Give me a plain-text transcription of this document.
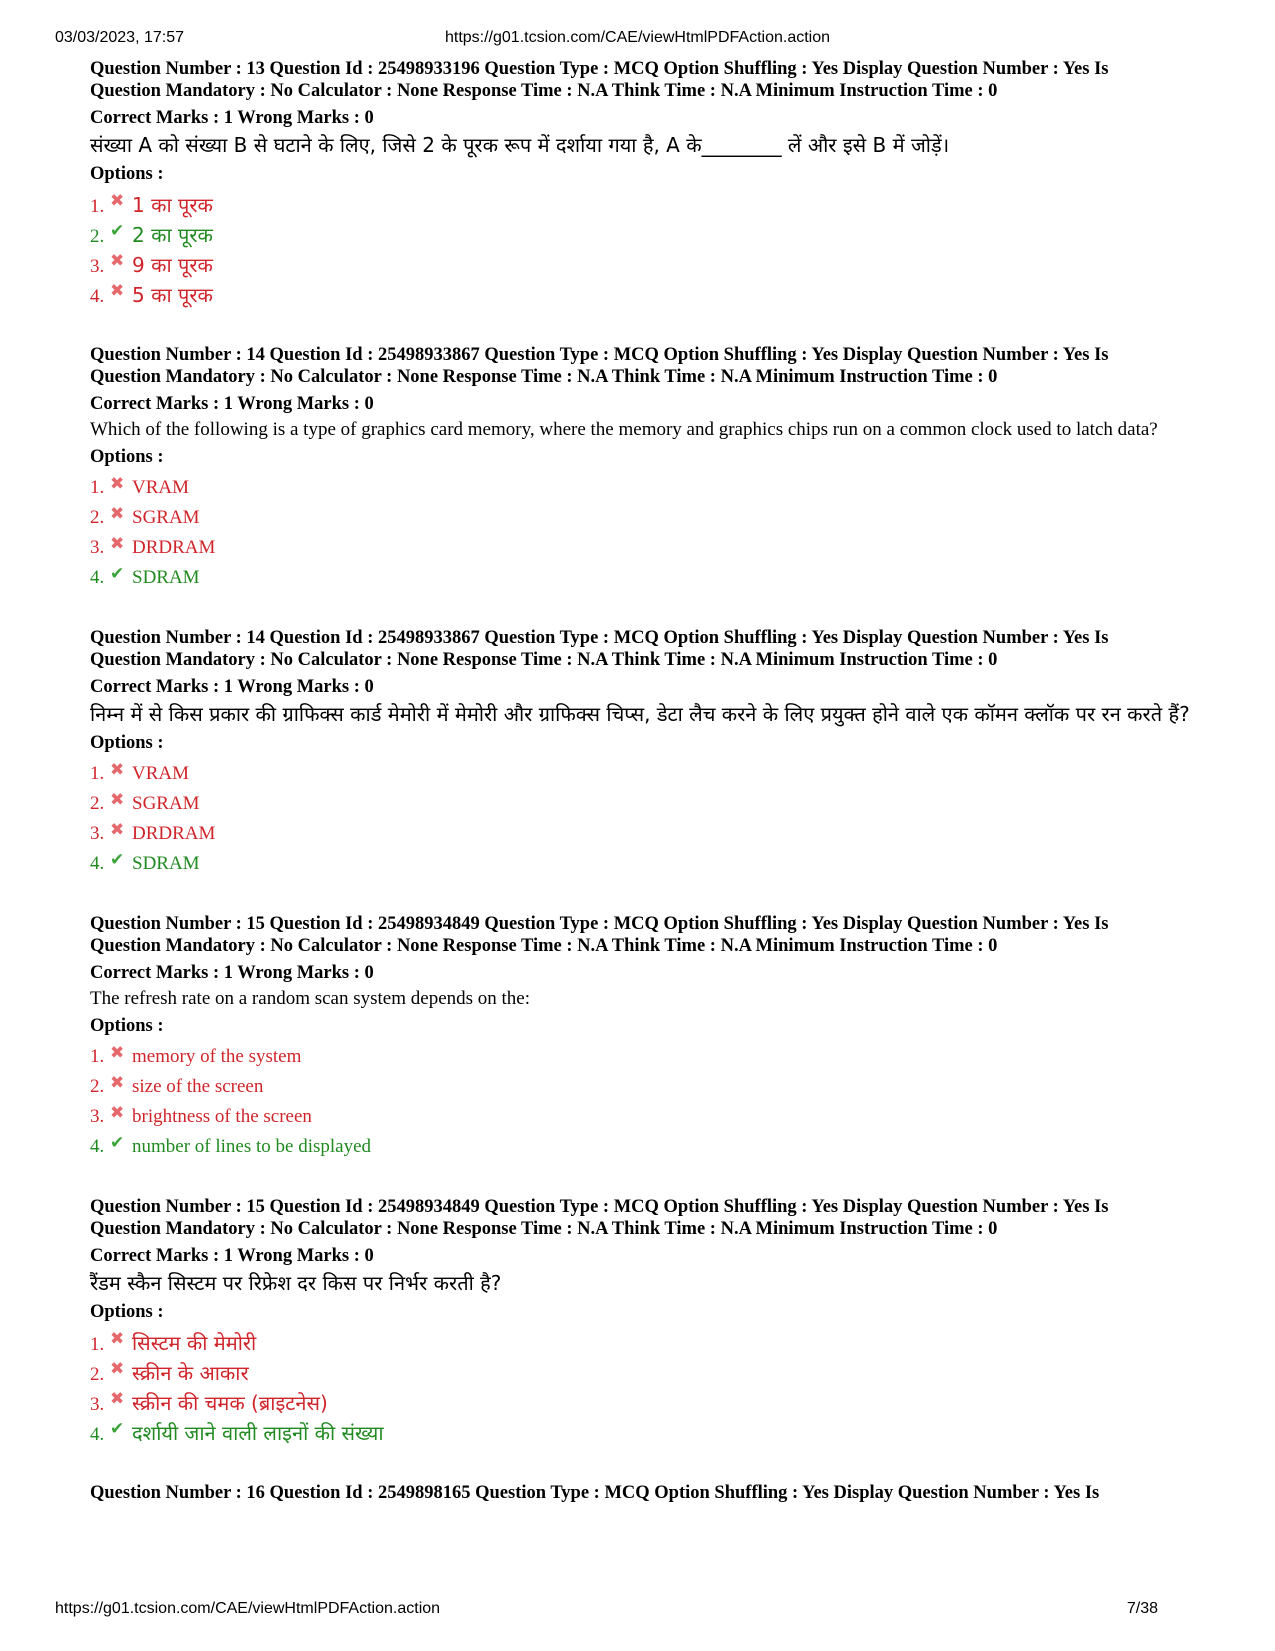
03/03/2023, 17:57	https://g01.tcsion.com/CAE/viewHtmlPDFAction.action

Question Number : 13 Question Id : 25498933196 Question Type : MCQ Option Shuffling : Yes Display Question Number : Yes Is

Question Mandatory : No Calculator : None Response Time : N.A Think Time : N.A Minimum Instruction Time : 0

Correct Marks : 1 Wrong Marks : 0

संख्या A को संख्या B से घटाने के लिए, जिसे 2 के पूरक रूप में दर्शाया गया है, A के________ लें और इसे B में जोड़ें।

Options :

1. ✖ 1 का पूरक
2. ✔ 2 का पूरक
3. ✖ 9 का पूरक
4. ✖ 5 का पूरक

Question Number : 14 Question Id : 25498933867 Question Type : MCQ Option Shuffling : Yes Display Question Number : Yes Is

Question Mandatory : No Calculator : None Response Time : N.A Think Time : N.A Minimum Instruction Time : 0

Correct Marks : 1 Wrong Marks : 0

Which of the following is a type of graphics card memory, where the memory and graphics chips run on a common clock used to latch data?

Options :

1. ✖ VRAM
2. ✖ SGRAM
3. ✖ DRDRAM
4. ✔ SDRAM

Question Number : 14 Question Id : 25498933867 Question Type : MCQ Option Shuffling : Yes Display Question Number : Yes Is

Question Mandatory : No Calculator : None Response Time : N.A Think Time : N.A Minimum Instruction Time : 0

Correct Marks : 1 Wrong Marks : 0

निम्न में से किस प्रकार की ग्राफिक्स कार्ड मेमोरी में मेमोरी और ग्राफिक्स चिप्स, डेटा लैच करने के लिए प्रयुक्त होने वाले एक कॉमन क्लॉक पर रन करते हैं?

Options :

1. ✖ VRAM
2. ✖ SGRAM
3. ✖ DRDRAM
4. ✔ SDRAM

Question Number : 15 Question Id : 25498934849 Question Type : MCQ Option Shuffling : Yes Display Question Number : Yes Is

Question Mandatory : No Calculator : None Response Time : N.A Think Time : N.A Minimum Instruction Time : 0

Correct Marks : 1 Wrong Marks : 0

The refresh rate on a random scan system depends on the:

Options :

1. ✖ memory of the system
2. ✖ size of the screen
3. ✖ brightness of the screen
4. ✔ number of lines to be displayed

Question Number : 15 Question Id : 25498934849 Question Type : MCQ Option Shuffling : Yes Display Question Number : Yes Is

Question Mandatory : No Calculator : None Response Time : N.A Think Time : N.A Minimum Instruction Time : 0

Correct Marks : 1 Wrong Marks : 0

रैंडम स्कैन सिस्टम पर रिफ्रेश दर किस पर निर्भर करती है?

Options :

1. ✖ सिस्टम की मेमोरी
2. ✖ स्क्रीन के आकार
3. ✖ स्क्रीन की चमक (ब्राइटनेस)
4. ✔ दर्शायी जाने वाली लाइनों की संख्या

Question Number : 16 Question Id : 2549898165 Question Type : MCQ Option Shuffling : Yes Display Question Number : Yes Is

https://g01.tcsion.com/CAE/viewHtmlPDFAction.action	7/38
